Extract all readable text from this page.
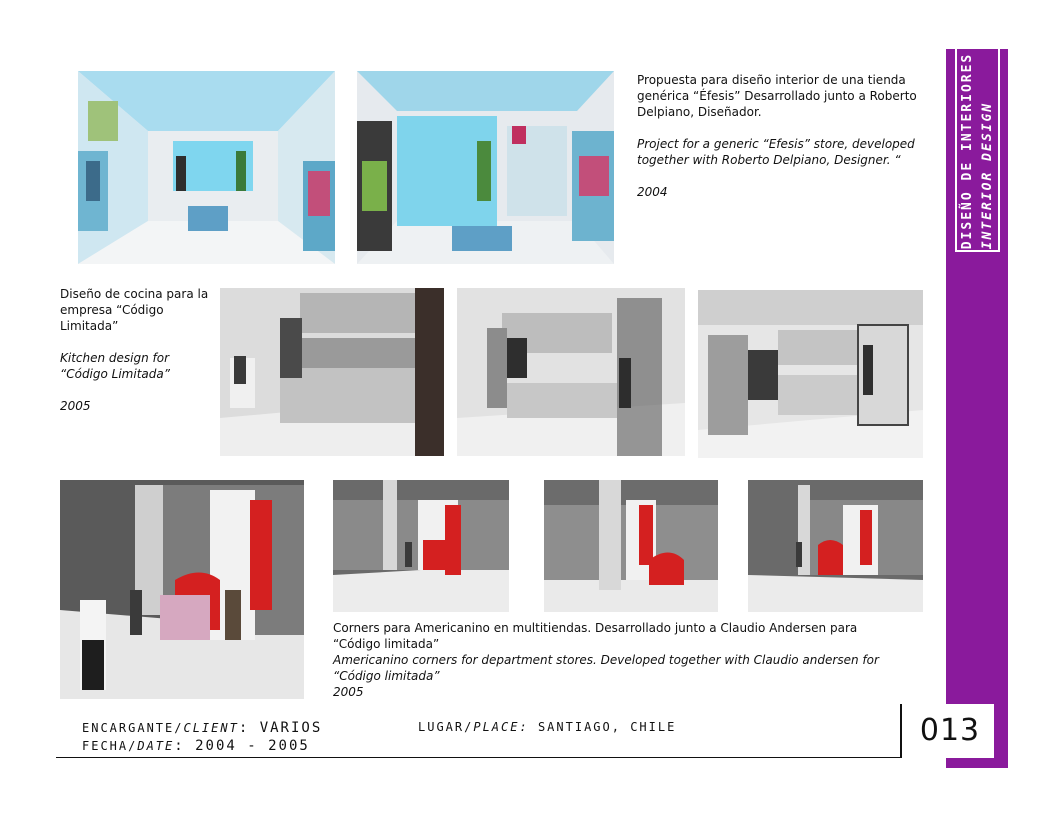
DISEÑO DE INTERIORES INTERIOR DESIGN

Propuesta para diseño interior de una tienda genérica “Éfesis” Desarrollado junto a Roberto Delpiano, Diseñador.

Project for a generic “Efesis” store, developed together with Roberto Delpiano, Designer. “

2004

Diseño de cocina para la empresa “Código Limitada”

Kitchen design for “Código Limitada”

2005

Corners para Americanino en multitiendas. Desarrollado junto a Claudio Andersen para “Código limitada”

Americanino corners for department stores. Developed together with Claudio andersen for “Código limitada”

2005

ENCARGANTE/CLIENT: VARIOS
FECHA/DATE: 2004 - 2005
LUGAR/PLACE: SANTIAGO, CHILE	013
